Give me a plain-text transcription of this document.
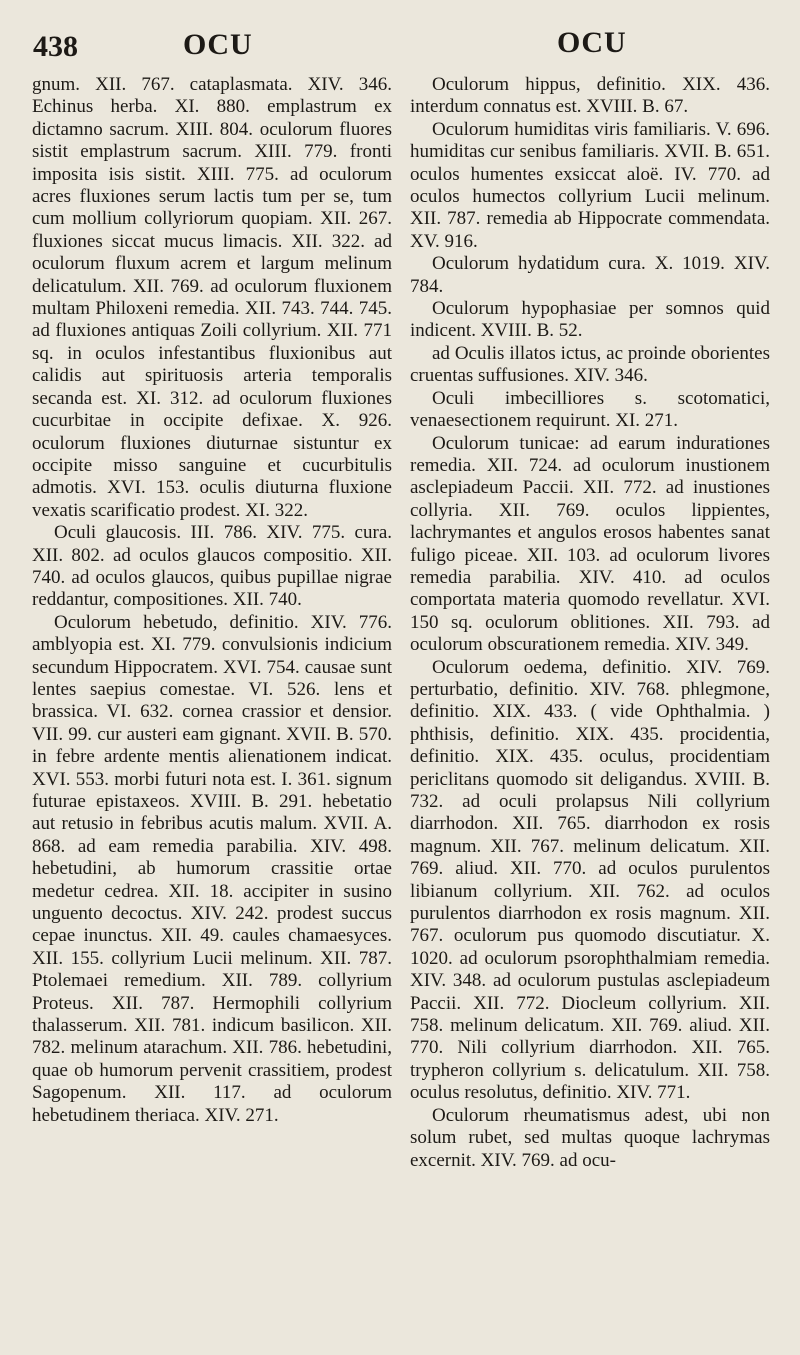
438	OCU	OCU

gnum. XII. 767. cataplasmata. XIV. 346. Echinus herba. XI. 880. emplastrum ex dictamno sacrum. XIII. 804. oculorum fluores sistit emplastrum sacrum. XIII. 779. fronti imposita isis sistit. XIII. 775. ad oculorum acres fluxiones serum lactis tum per se, tum cum mollium collyriorum quopiam. XII. 267. fluxiones siccat mucus limacis. XII. 322. ad oculorum fluxum acrem et largum melinum delicatulum. XII. 769. ad oculorum fluxionem multam Philoxeni remedia. XII. 743. 744. 745. ad fluxiones antiquas Zoili collyrium. XII. 771 sq. in oculos infestantibus fluxionibus aut calidis aut spirituosis arteria temporalis secanda est. XI. 312. ad oculorum fluxiones cucurbitae in occipite defixae. X. 926. oculorum fluxiones diuturnae sistuntur ex occipite misso sanguine et cucurbitulis admotis. XVI. 153. oculis diuturna fluxione vexatis scarificatio prodest. XI. 322.

Oculi glaucosis. III. 786. XIV. 775. cura. XII. 802. ad oculos glaucos compositio. XII. 740. ad oculos glaucos, quibus pupillae nigrae reddantur, compositiones. XII. 740.

Oculorum hebetudo, definitio. XIV. 776. amblyopia est. XI. 779. convulsionis indicium secundum Hippocratem. XVI. 754. causae sunt lentes saepius comestae. VI. 526. lens et brassica. VI. 632. cornea crassior et densior. VII. 99. cur austeri eam gignant. XVII. B. 570. in febre ardente mentis alienationem indicat. XVI. 553. morbi futuri nota est. I. 361. signum futurae epistaxeos. XVIII. B. 291. hebetatio aut retusio in febribus acutis malum. XVII. A. 868. ad eam remedia parabilia. XIV. 498. hebetudini, ab humorum crassitie ortae medetur cedrea. XII. 18. accipiter in susino unguento decoctus. XIV. 242. prodest succus cepae inunctus. XII. 49. caules chamaesyces. XII. 155. collyrium Lucii melinum. XII. 787. Ptolemaei remedium. XII. 789. collyrium Proteus. XII. 787. Hermophili collyrium thalasserum. XII. 781. indicum basilicon. XII. 782. melinum atarachum. XII. 786. hebetudini, quae ob humorum pervenit crassitiem, prodest Sagopenum. XII. 117. ad oculorum hebetudinem theriaca. XIV. 271.

Oculorum hippus, definitio. XIX. 436. interdum connatus est. XVIII. B. 67.

Oculorum humiditas viris familiaris. V. 696. humiditas cur senibus familiaris. XVII. B. 651. oculos humentes exsiccat aloë. IV. 770. ad oculos humectos collyrium Lucii melinum. XII. 787. remedia ab Hippocrate commendata. XV. 916.

Oculorum hydatidum cura. X. 1019. XIV. 784.

Oculorum hypophasiae per somnos quid indicent. XVIII. B. 52.

ad Oculis illatos ictus, ac proinde oborientes cruentas suffusiones. XIV. 346.

Oculi imbecilliores s. scotomatici, venaesectionem requirunt. XI. 271.

Oculorum tunicae: ad earum indurationes remedia. XII. 724. ad oculorum inustionem asclepiadeum Paccii. XII. 772. ad inustiones collyria. XII. 769. oculos lippientes, lachrymantes et angulos erosos habentes sanat fuligo piceae. XII. 103. ad oculorum livores remedia parabilia. XIV. 410. ad oculos comportata materia quomodo revellatur. XVI. 150 sq. oculorum oblitiones. XII. 793. ad oculorum obscurationem remedia. XIV. 349.

Oculorum oedema, definitio. XIV. 769. perturbatio, definitio. XIV. 768. phlegmone, definitio. XIX. 433. ( vide Ophthalmia. ) phthisis, definitio. XIX. 435. procidentia, definitio. XIX. 435. oculus, procidentiam periclitans quomodo sit deligandus. XVIII. B. 732. ad oculi prolapsus Nili collyrium diarrhodon. XII. 765. diarrhodon ex rosis magnum. XII. 767. melinum delicatum. XII. 769. aliud. XII. 770. ad oculos purulentos libianum collyrium. XII. 762. ad oculos purulentos diarrhodon ex rosis magnum. XII. 767. oculorum pus quomodo discutiatur. X. 1020. ad oculorum psorophthalmiam remedia. XIV. 348. ad oculorum pustulas asclepiadeum Paccii. XII. 772. Diocleum collyrium. XII. 758. melinum delicatum. XII. 769. aliud. XII. 770. Nili collyrium diarrhodon. XII. 765. trypheron collyrium s. delicatulum. XII. 758. oculus resolutus, definitio. XIV. 771.

Oculorum rheumatismus adest, ubi non solum rubet, sed multas quoque lachrymas excernit. XIV. 769. ad ocu-
